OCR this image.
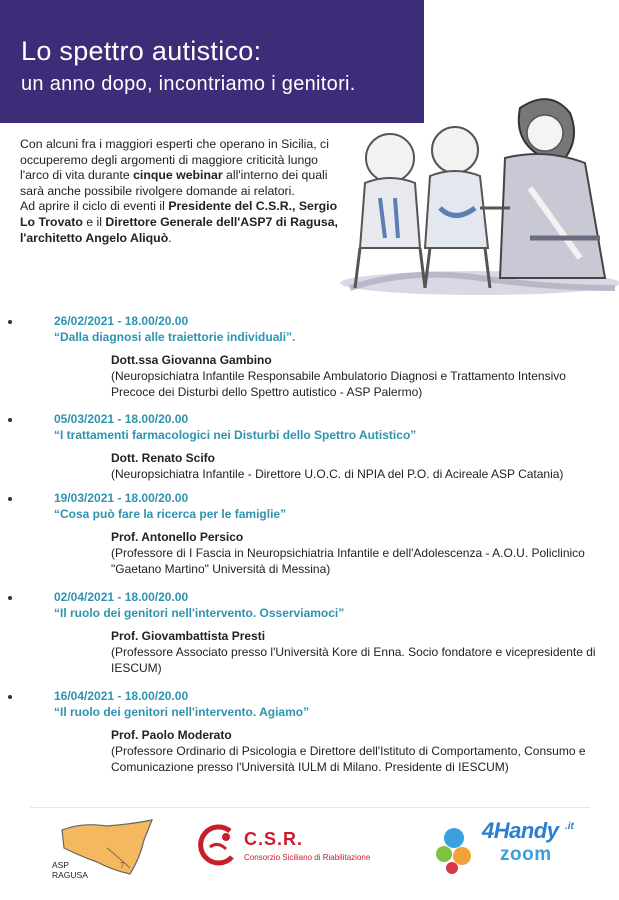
Lo spettro autistico:
un anno dopo, incontriamo i genitori.
Con alcuni fra i maggiori esperti che operano in Sicilia, ci occuperemo degli argomenti di maggiore criticità lungo l'arco di vita durante cinque webinar all'interno dei quali sarà anche possibile rivolgere domande ai relatori.
Ad aprire il ciclo di eventi il Presidente del C.S.R., Sergio Lo Trovato e il Direttore Generale dell'ASP7 di Ragusa, l'architetto Angelo Aliquò.
26/02/2021 - 18.00/20.00
“Dalla diagnosi alle traiettorie individuali”.
Dott.ssa Giovanna Gambino
(Neuropsichiatra Infantile Responsabile Ambulatorio Diagnosi e Trattamento Intensivo Precoce dei Disturbi dello Spettro autistico - ASP Palermo)
05/03/2021 - 18.00/20.00
“I trattamenti farmacologici nei Disturbi dello Spettro Autistico”
Dott. Renato Scifo
(Neuropsichiatra Infantile - Direttore U.O.C. di NPIA del P.O. di Acireale ASP Catania)
19/03/2021 - 18.00/20.00
“Cosa può fare la ricerca per le famiglie”
Prof. Antonello Persico
(Professore di I Fascia in Neuropsichiatria Infantile e dell'Adolescenza - A.O.U. Policlinico "Gaetano Martino" Università di Messina)
02/04/2021 - 18.00/20.00
“Il ruolo dei genitori nell'intervento. Osserviamoci”
Prof. Giovambattista Presti
(Professore Associato presso l'Università Kore di Enna. Socio fondatore e vicepresidente di IESCUM)
16/04/2021 - 18.00/20.00
“Il ruolo dei genitori nell'intervento. Agiamo”
Prof. Paolo Moderato
(Professore Ordinario di Psicologia e Direttore dell'Istituto di Comportamento, Consumo e Comunicazione presso l'Università IULM di Milano. Presidente di IESCUM)
7
ASP
RAGUSA
C.S.R.
Consorzio Siciliano di Riabilitazione
4Handy .it
zoom
